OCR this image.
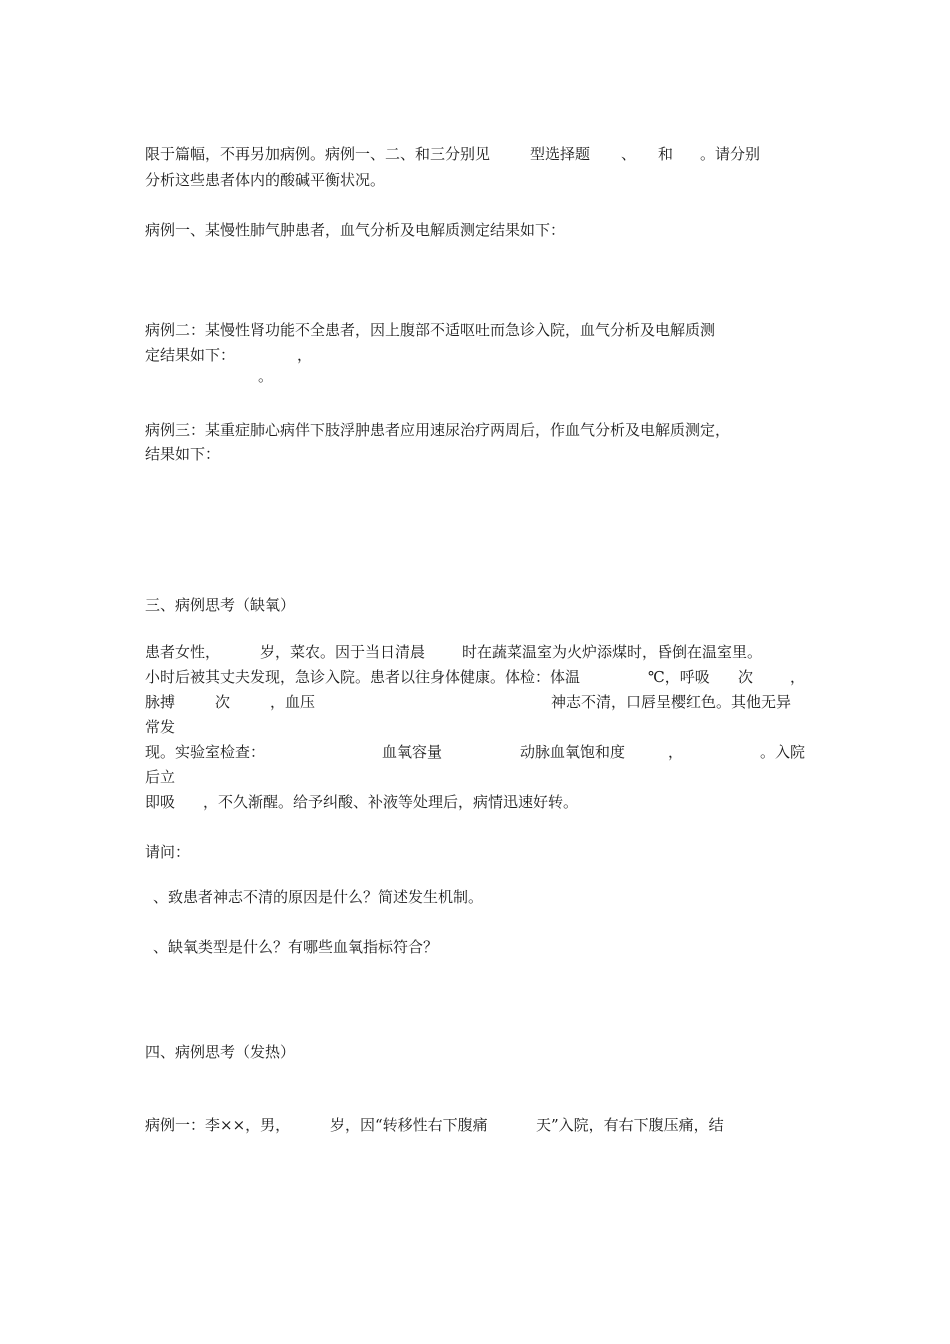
限于篇幅，不再另加病例。病例一、二、和三分别见	型选择题 、 和 。请分别
分析这些患者体内的酸碱平衡状况。
病例一、某慢性肺气肿患者，血气分析及电解质测定结果如下：
病例二：某慢性肾功能不全患者，因上腹部不适呕吐而急诊入院，血气分析及电解质测
定结果如下：	，
。
病例三：某重症肺心病伴下肢浮肿患者应用速尿治疗两周后，作血气分析及电解质测定，
结果如下：
三、病例思考（缺氧）
患者女性，	岁，菜农。因于当日清晨 时在蔬菜温室为火炉添煤时，昏倒在温室里。
小时后被其丈夫发现，急诊入院。患者以往身体健康。体检：体温	℃，呼吸 次 ，
脉搏	次	，血压	神志不清，口唇呈樱红色。其他无异
常发
现。实验室检查：	血氧容量	动脉血氧饱和度	，	。入院
后立
即吸 ，不久渐醒。给予纠酸、补液等处理后，病情迅速好转。
请问：
、致患者神志不清的原因是什么？简述发生机制。
、缺氧类型是什么？有哪些血氧指标符合？
四、病例思考（发热）
病例一：李××，男，	岁，因“转移性右下腹痛	天”入院，有右下腹压痛，结
